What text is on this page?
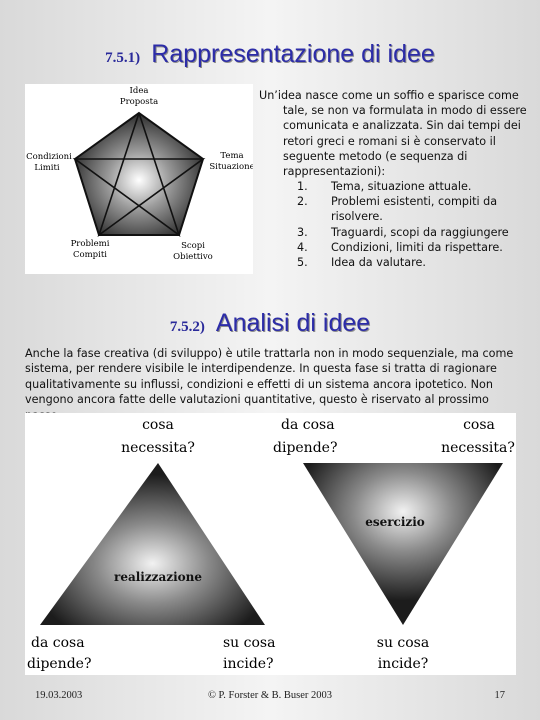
7.5.1) Rappresentazione di idee
Idea
Proposta
Tema
Situazione
Scopi
Obiettivo
Problemi
Compiti
Condizioni
Limiti

Un’idea nasce come un soffio e sparisce come
tale, se non va formulata in modo di essere comunicata e analizzata. Sin dai tempi dei retori greci e romani si è conservato il seguente metodo (e sequenza di rappresentazioni):

1. Tema, situazione attuale.
2. Problemi esistenti, compiti da risolvere.
3. Traguardi, scopi da raggiungere
4. Condizioni, limiti da rispettare.
5. Idea da valutare.
7.5.2) Analisi di idee

Anche la fase creativa (di sviluppo) è utile trattarla non in modo sequenziale, ma come sistema, per rendere visibile le interdipendenze. In questa fase si tratta di ragionare qualitativamente su influssi, condizioni e effetti di un sistema ancora ipotetico. Non vengono ancora fatte delle valutazioni quantitative, questo è riservato al prossimo

realizzazione
cosa
necessita?
da cosa
dipende?
su cosa
incide?
esercizio
da cosa
dipende?
cosa
necessita?
su cosa
incide?
19.03.2003	© P. Forster & B. Buser 2003	17
